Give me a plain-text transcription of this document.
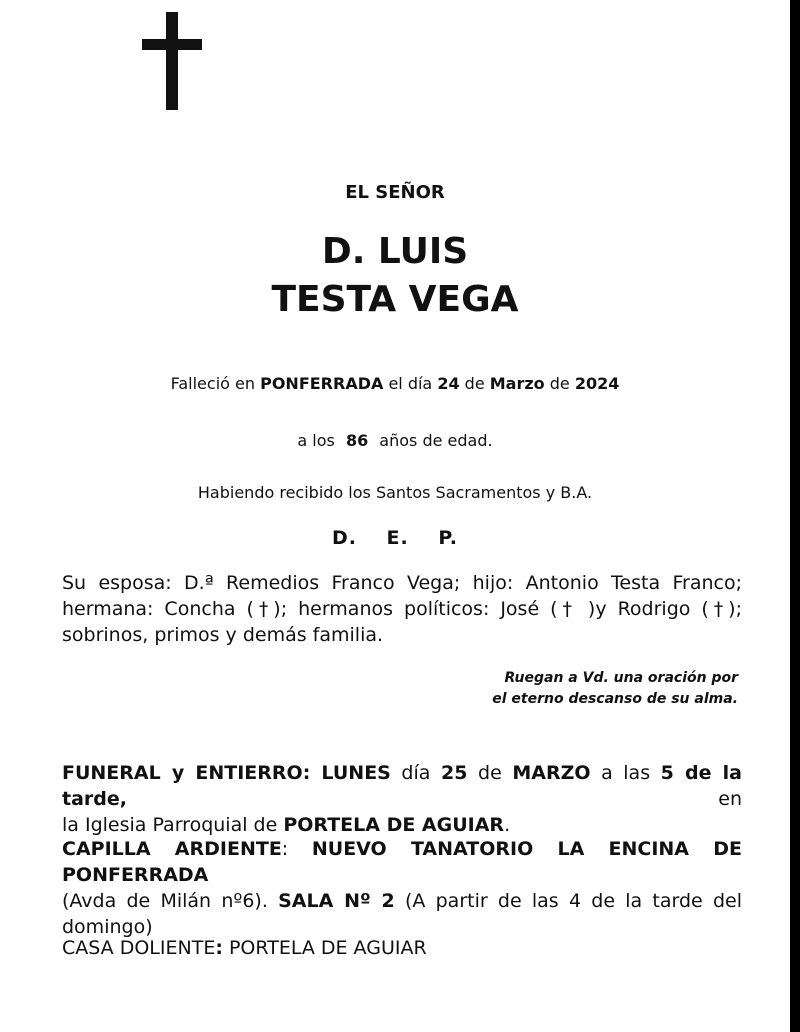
EL SEÑOR
D. LUIS
TESTA VEGA
Falleció en PONFERRADA el día 24 de Marzo de 2024
a los 86 años de edad.
Habiendo recibido los Santos Sacramentos y B.A.
D. E. P.
Su esposa: D.ª Remedios Franco Vega; hijo: Antonio Testa Franco;
hermana: Concha (†); hermanos políticos: José († )y Rodrigo (†);
sobrinos, primos y demás familia.
Ruegan a Vd. una oración por
el eterno descanso de su alma.
FUNERAL y ENTIERRO: LUNES día 25 de MARZO a las 5 de la tarde, en
la Iglesia Parroquial de PORTELA DE AGUIAR.
CAPILLA ARDIENTE: NUEVO TANATORIO LA ENCINA DE PONFERRADA
(Avda de Milán nº6). SALA Nº 2 (A partir de las 4 de la tarde del
domingo)
CASA DOLIENTE: PORTELA DE AGUIAR
